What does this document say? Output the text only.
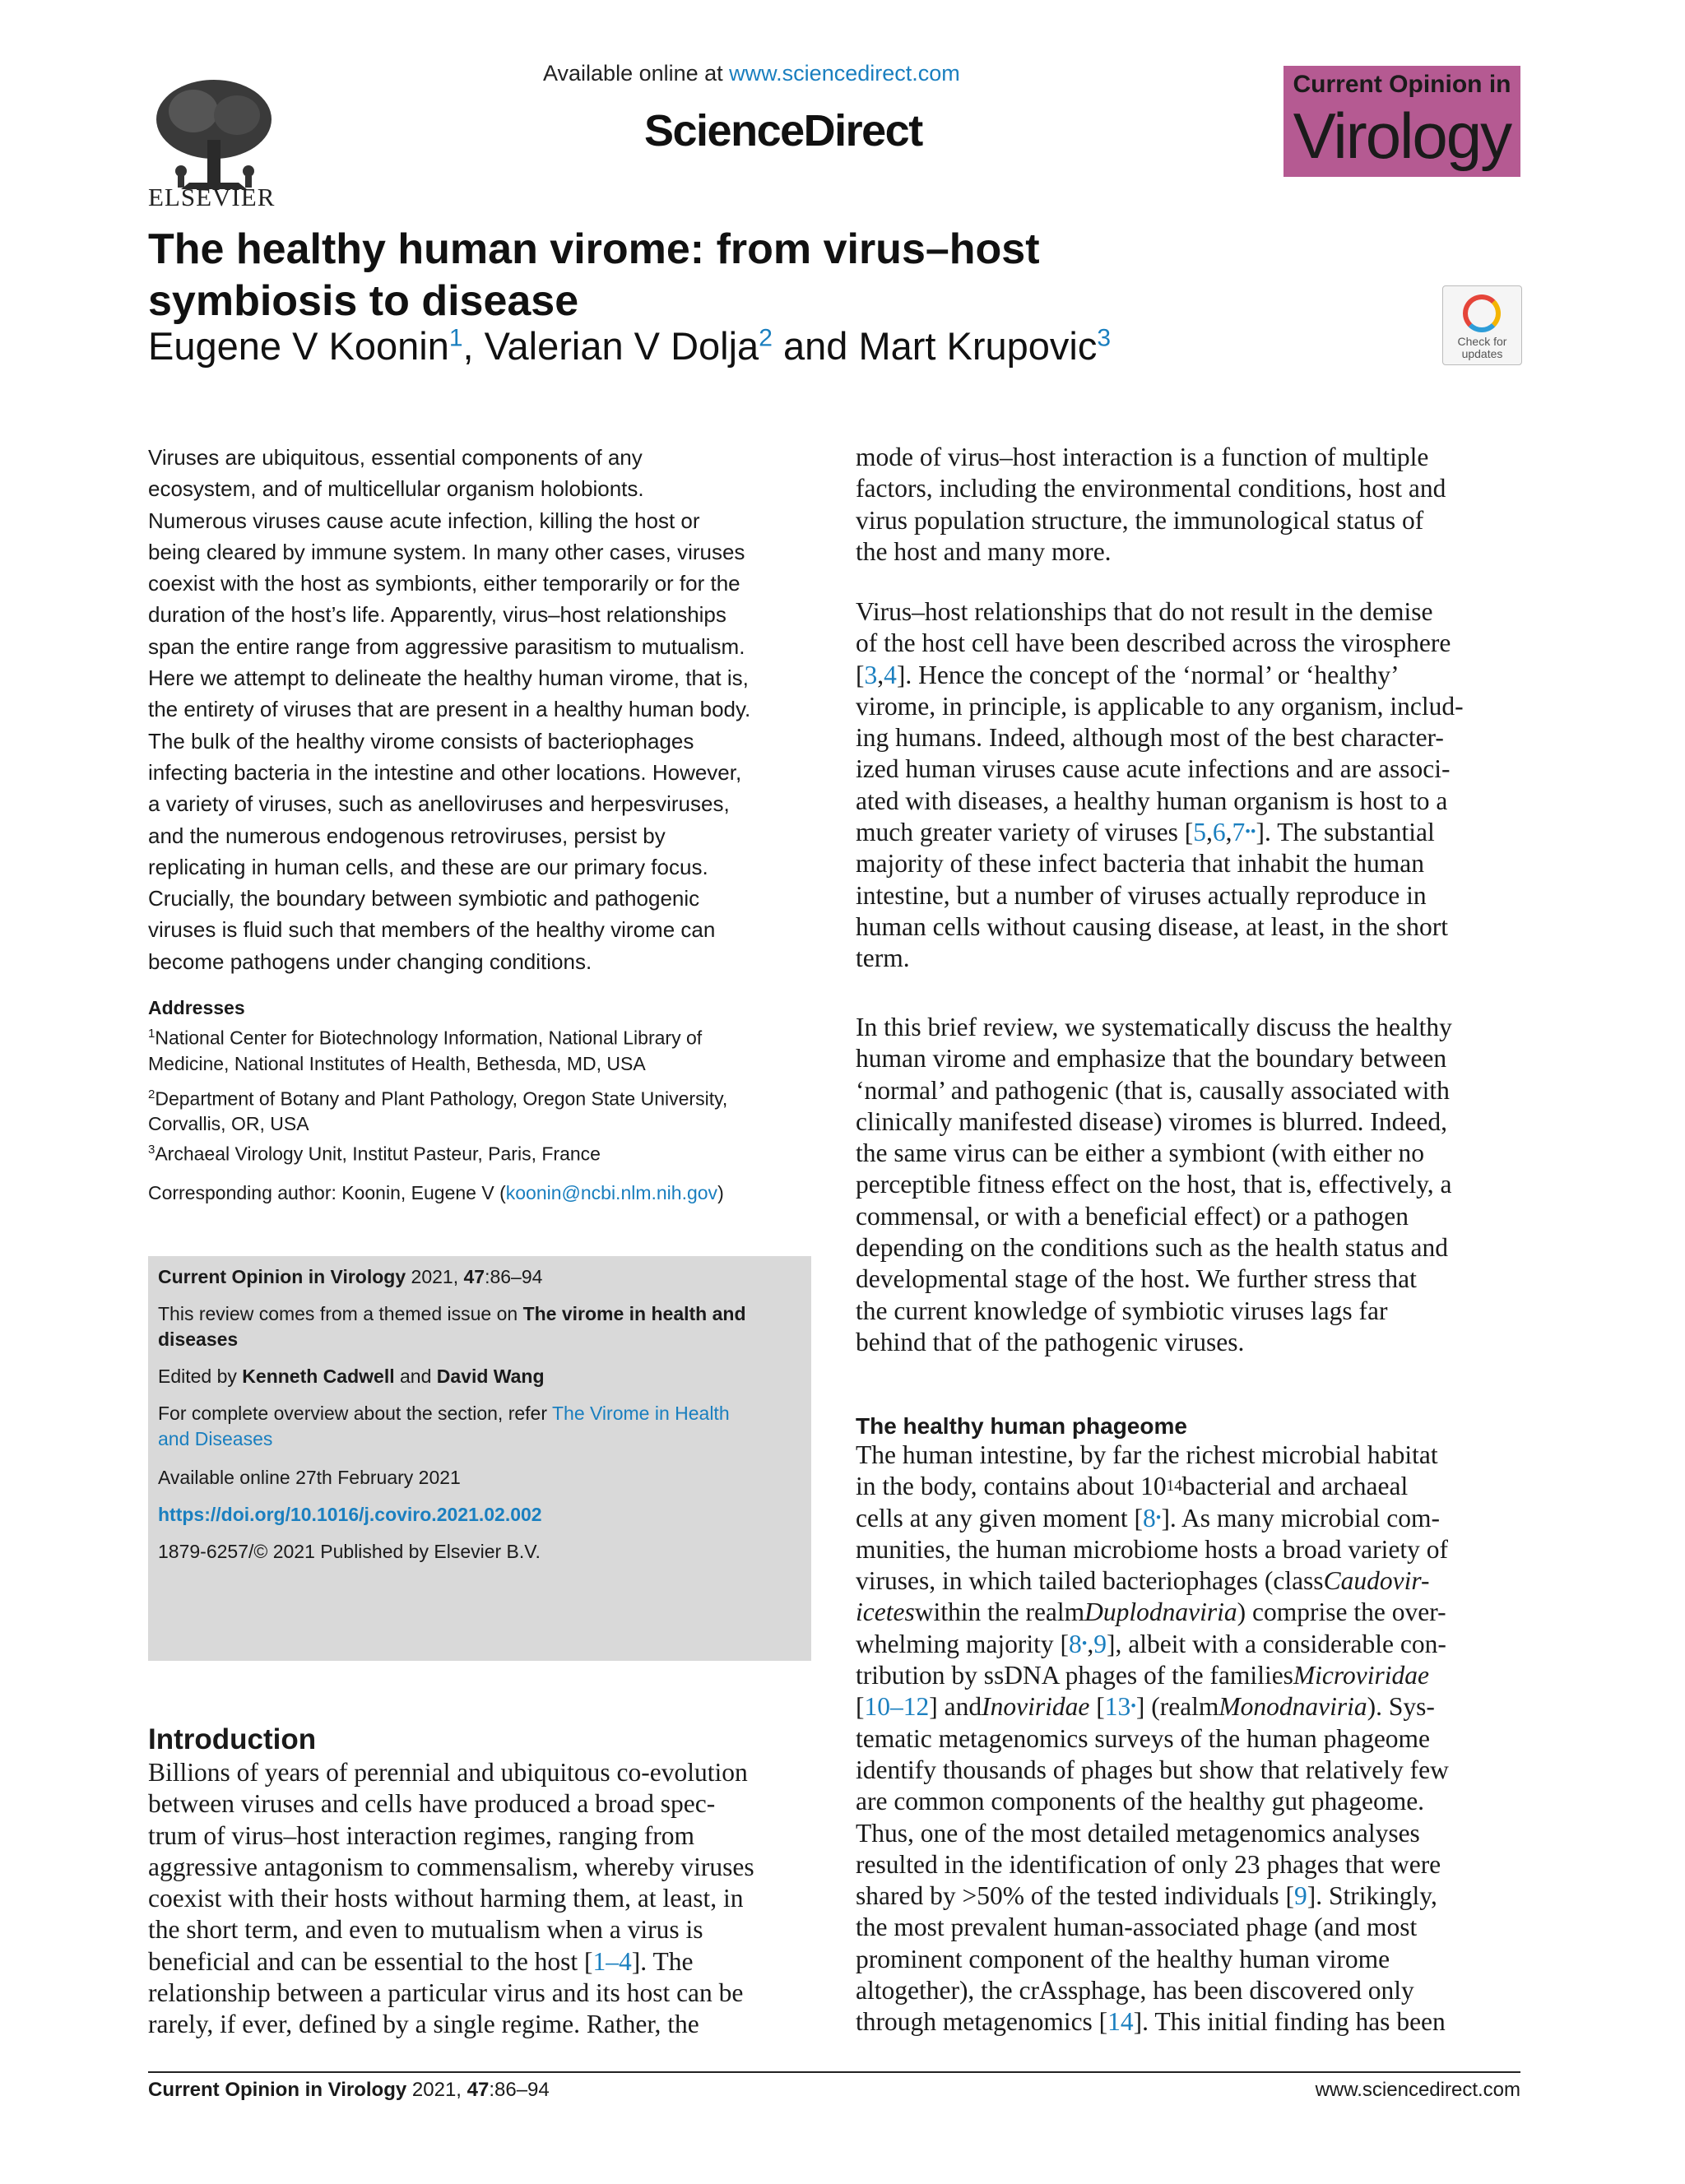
ELSEVIER
Available online at www.sciencedirect.com
ScienceDirect
Current Opinion in
Virology
The healthy human virome: from virus–host
symbiosis to disease
Eugene V Koonin$^1$, Valerian V Dolja$^2$ and Mart Krupovic$^3$	Check for updates
Viruses are ubiquitous, essential components of any
ecosystem, and of multicellular organism holobionts.
Numerous viruses cause acute infection, killing the host or
being cleared by immune system. In many other cases, viruses
coexist with the host as symbionts, either temporarily or for the
duration of the host’s life. Apparently, virus–host relationships
span the entire range from aggressive parasitism to mutualism.
Here we attempt to delineate the healthy human virome, that is,
the entirety of viruses that are present in a healthy human body.
The bulk of the healthy virome consists of bacteriophages
infecting bacteria in the intestine and other locations. However,
a variety of viruses, such as anelloviruses and herpesviruses,
and the numerous endogenous retroviruses, persist by
replicating in human cells, and these are our primary focus.
Crucially, the boundary between symbiotic and pathogenic
viruses is fluid such that members of the healthy virome can
become pathogens under changing conditions.
Addresses
$^1$National Center for Biotechnology Information, National Library of
Medicine, National Institutes of Health, Bethesda, MD, USA
$^2$Department of Botany and Plant Pathology, Oregon State University,
Corvallis, OR, USA
$^3$Archaeal Virology Unit, Institut Pasteur, Paris, France
Corresponding author: Koonin, Eugene V (koonin@ncbi.nlm.nih.gov)
Current Opinion in Virology 2021, 47:86–94
This review comes from a themed issue on The virome in health and
diseases
Edited by Kenneth Cadwell and David Wang
For complete overview about the section, refer The Virome in Health
and Diseases
Available online 27th February 2021
https://doi.org/10.1016/j.coviro.2021.02.002
1879-6257/© 2021 Published by Elsevier B.V.
Introduction
Billions of years of perennial and ubiquitous co-evolution
between viruses and cells have produced a broad spec-
trum of virus–host interaction regimes, ranging from
aggressive antagonism to commensalism, whereby viruses
coexist with their hosts without harming them, at least, in
the short term, and even to mutualism when a virus is
beneficial and can be essential to the host [ 1–4 ]. The
relationship between a particular virus and its host can be
rarely, if ever, defined by a single regime. Rather, the
mode of virus–host interaction is a function of multiple
factors, including the environmental conditions, host and
virus population structure, the immunological status of
the host and many more.
Virus–host relationships that do not result in the demise
of the host cell have been described across the virosphere
[ 3 , 4 ]. Hence the concept of the ‘normal’ or ‘healthy’
virome, in principle, is applicable to any organism, includ-
ing humans. Indeed, although most of the best character-
ized human viruses cause acute infections and are associ-
ated with diseases, a healthy human organism is host to a
much greater variety of viruses [ 5 , 6 , 7 •• ]. The substantial
majority of these infect bacteria that inhabit the human
intestine, but a number of viruses actually reproduce in
human cells without causing disease, at least, in the short
term.
In this brief review, we systematically discuss the healthy
human virome and emphasize that the boundary between
‘normal’ and pathogenic (that is, causally associated with
clinically manifested disease) viromes is blurred. Indeed,
the same virus can be either a symbiont (with either no
perceptible fitness effect on the host, that is, effectively, a
commensal, or with a beneficial effect) or a pathogen
depending on the conditions such as the health status and
developmental stage of the host. We further stress that
the current knowledge of symbiotic viruses lags far
behind that of the pathogenic viruses.
The healthy human phageome
The human intestine, by far the richest microbial habitat
in the body, contains about 10 14 bacterial and archaeal
cells at any given moment [ 8 • ]. As many microbial com-
munities, the human microbiome hosts a broad variety of
viruses, in which tailed bacteriophages (class Caudovir-
icetes within the realm Duplodnaviria ) comprise the over-
whelming majority [ 8 • , 9 ], albeit with a considerable con-
tribution by ssDNA phages of the families Microviridae
[ 10–12 ] and Inoviridae [ 13 • ] (realm Monodnaviria ). Sys-
tematic metagenomics surveys of the human phageome
identify thousands of phages but show that relatively few
are common components of the healthy gut phageome.
Thus, one of the most detailed metagenomics analyses
resulted in the identification of only 23 phages that were
shared by >50% of the tested individuals [ 9 ]. Strikingly,
the most prevalent human-associated phage (and most
prominent component of the healthy human virome
altogether), the crAssphage, has been discovered only
through metagenomics [ 14 ]. This initial finding has been
Current Opinion in Virology 2021, 47:86–94	www.sciencedirect.com
